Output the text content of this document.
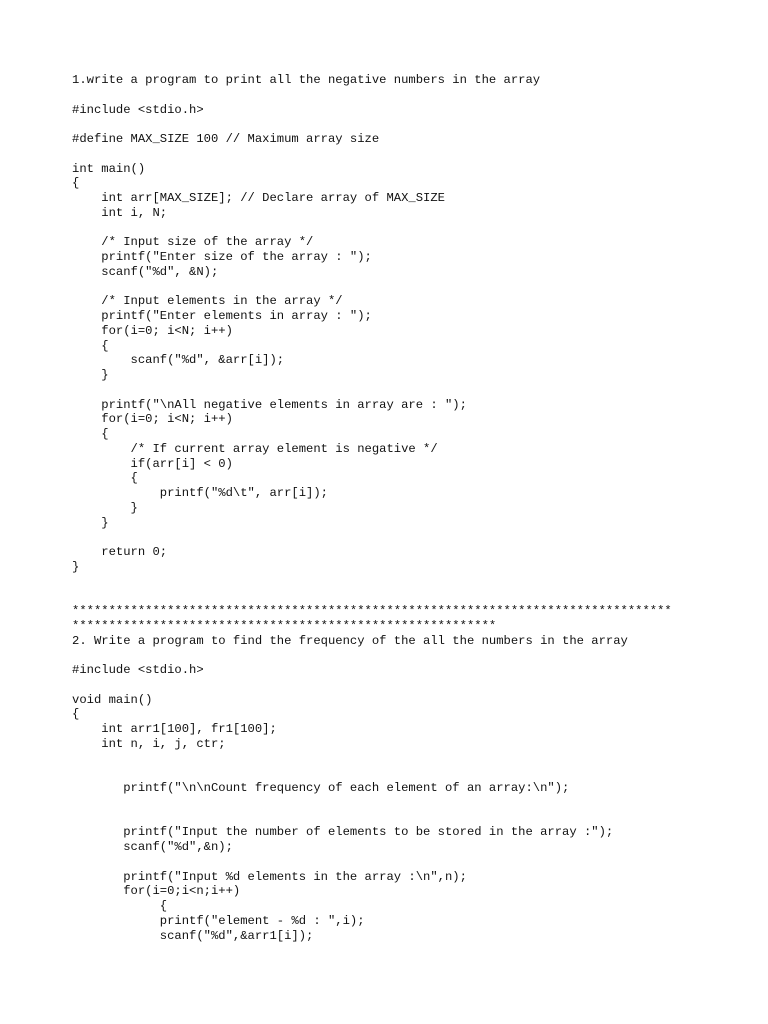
1.write a program to print all the negative numbers in the array

#include <stdio.h>

#define MAX_SIZE 100 // Maximum array size

int main()
{
int arr[MAX_SIZE]; // Declare array of MAX_SIZE
int i, N;

/* Input size of the array */
printf("Enter size of the array : ");
scanf("%d", &N);

/* Input elements in the array */
printf("Enter elements in array : ");
for(i=0; i<N; i++)
{
scanf("%d", &arr[i]);
}

printf("\nAll negative elements in array are : ");
for(i=0; i<N; i++)
{
/* If current array element is negative */
if(arr[i] < 0)
{
printf("%d\t", arr[i]);
}
}

return 0;
}

**********************************************************************************
**********************************************************
2. Write a program to find the frequency of the all the numbers in the array

#include <stdio.h>

void main()
{
int arr1[100], fr1[100];
int n, i, j, ctr;

printf("\n\nCount frequency of each element of an array:\n");

printf("Input the number of elements to be stored in the array :");
scanf("%d",&n);

printf("Input %d elements in the array :\n",n);
for(i=0;i<n;i++)
{
printf("element - %d : ",i);
scanf("%d",&arr1[i]);
